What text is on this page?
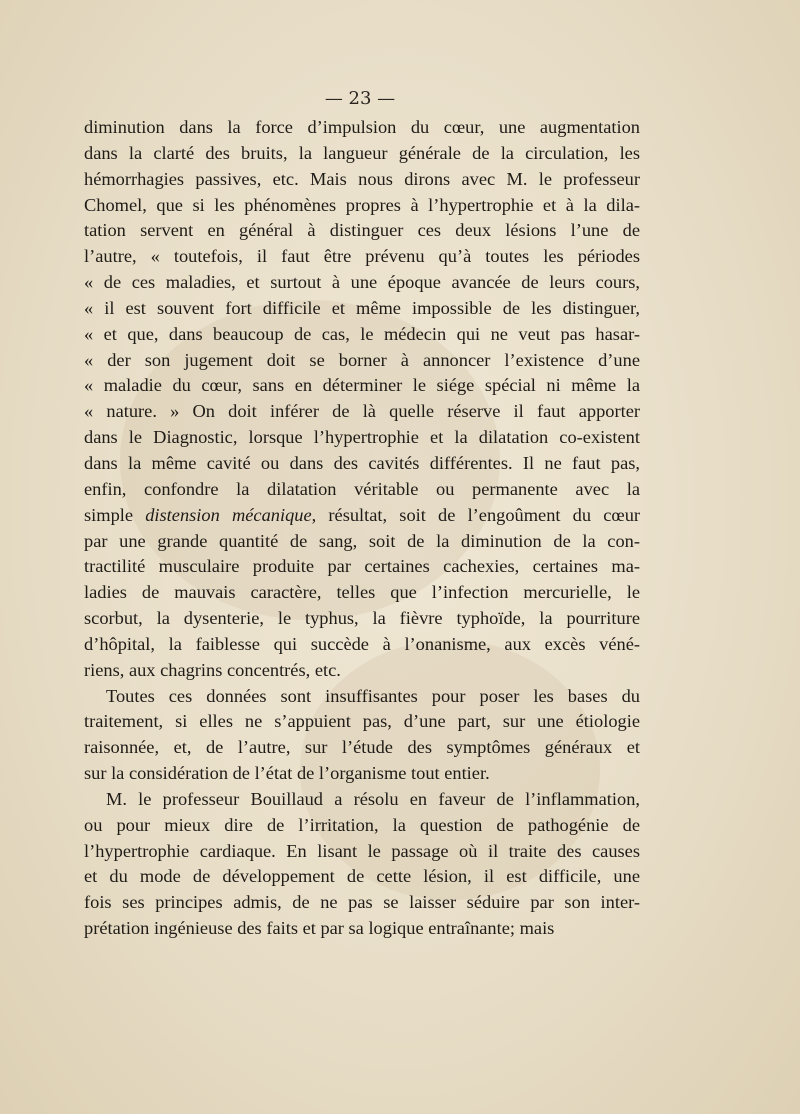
— 23 —
diminution dans la force d’impulsion du cœur, une augmentation
dans la clarté des bruits, la langueur générale de la circulation, les
hémorrhagies passives, etc. Mais nous dirons avec M. le professeur
Chomel, que si les phénomènes propres à l’hypertrophie et à la dila-
tation servent en général à distinguer ces deux lésions l’une de
l’autre, « toutefois, il faut être prévenu qu’à toutes les périodes
« de ces maladies, et surtout à une époque avancée de leurs cours,
« il est souvent fort difficile et même impossible de les distinguer,
« et que, dans beaucoup de cas, le médecin qui ne veut pas hasar-
« der son jugement doit se borner à annoncer l’existence d’une
« maladie du cœur, sans en déterminer le siége spécial ni même la
« nature. » On doit inférer de là quelle réserve il faut apporter
dans le Diagnostic, lorsque l’hypertrophie et la dilatation co-existent
dans la même cavité ou dans des cavités différentes. Il ne faut pas,
enfin, confondre la dilatation véritable ou permanente avec la
simple distension mécanique, résultat, soit de l’engoûment du cœur
par une grande quantité de sang, soit de la diminution de la con-
tractilité musculaire produite par certaines cachexies, certaines ma-
ladies de mauvais caractère, telles que l’infection mercurielle, le
scorbut, la dysenterie, le typhus, la fièvre typhoïde, la pourriture
d’hôpital, la faiblesse qui succède à l’onanisme, aux excès véné-
riens, aux chagrins concentrés, etc.
Toutes ces données sont insuffisantes pour poser les bases du
traitement, si elles ne s’appuient pas, d’une part, sur une étiologie
raisonnée, et, de l’autre, sur l’étude des symptômes généraux et
sur la considération de l’état de l’organisme tout entier.
M. le professeur Bouillaud a résolu en faveur de l’inflammation,
ou pour mieux dire de l’irritation, la question de pathogénie de
l’hypertrophie cardiaque. En lisant le passage où il traite des causes
et du mode de développement de cette lésion, il est difficile, une
fois ses principes admis, de ne pas se laisser séduire par son inter-
prétation ingénieuse des faits et par sa logique entraînante; mais
